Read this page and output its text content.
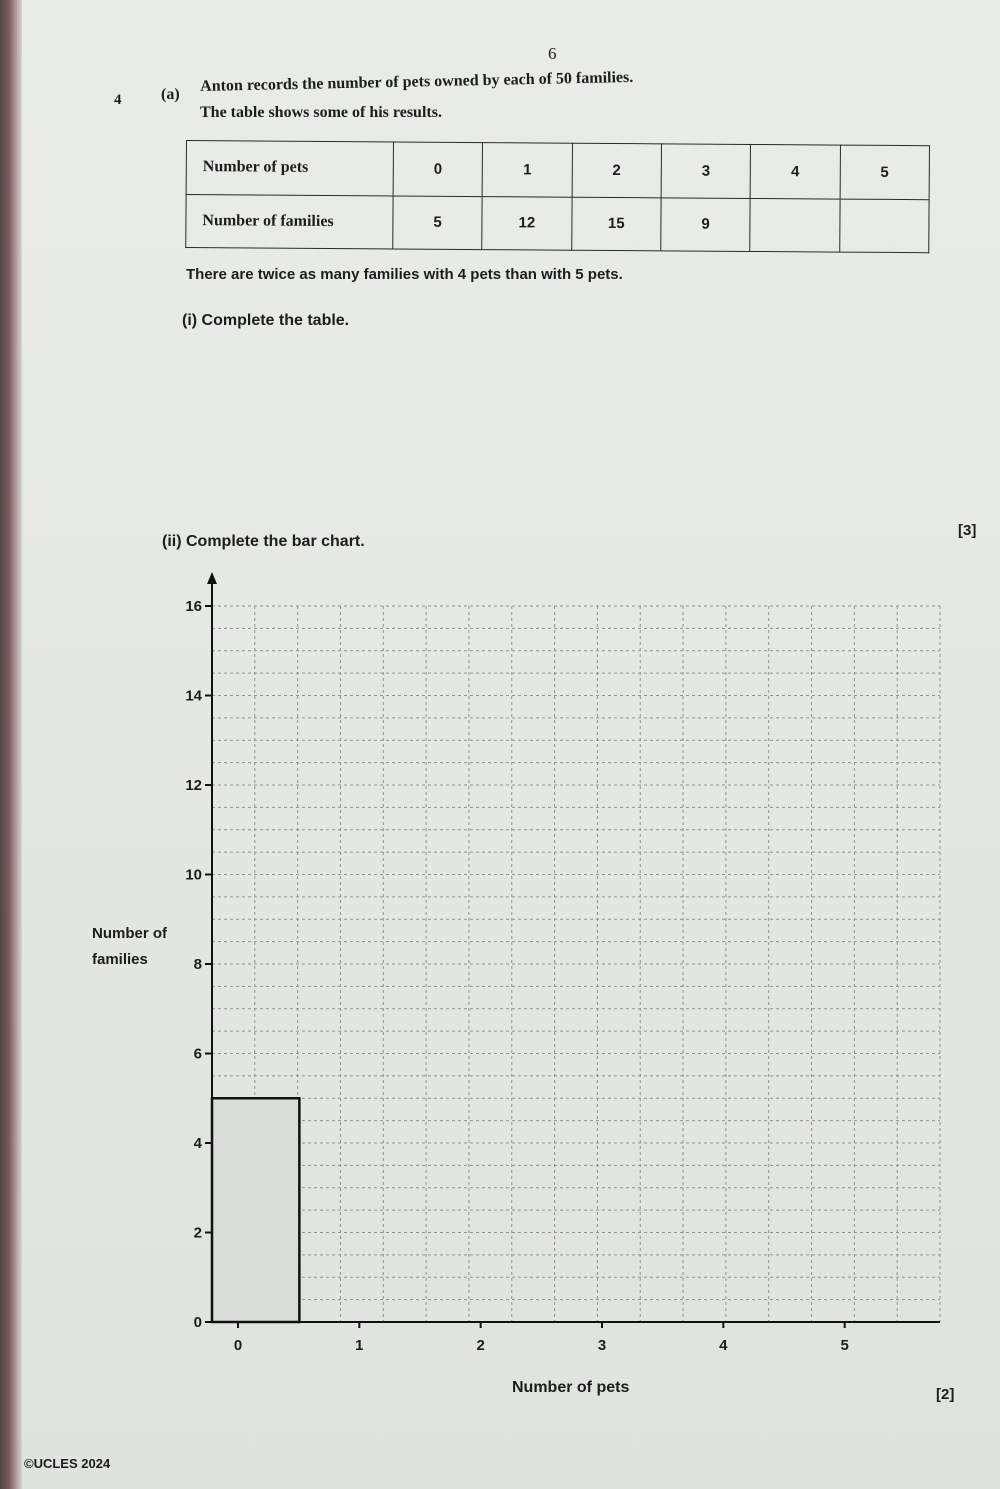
6
4 (a) Anton records the number of pets owned by each of 50 families.
The table shows some of his results.
Number of pets	0	1	2	3	4	5
Number of families	5	12	15	9		
There are twice as many families with 4 pets than with 5 pets.
(i) Complete the table.
[3]
(ii) Complete the bar chart.
Number of
families
Number of pets
0
2
4
6
8
10
12
14
16
0	1	2	3	4	5
[2]
©UCLES 2024
